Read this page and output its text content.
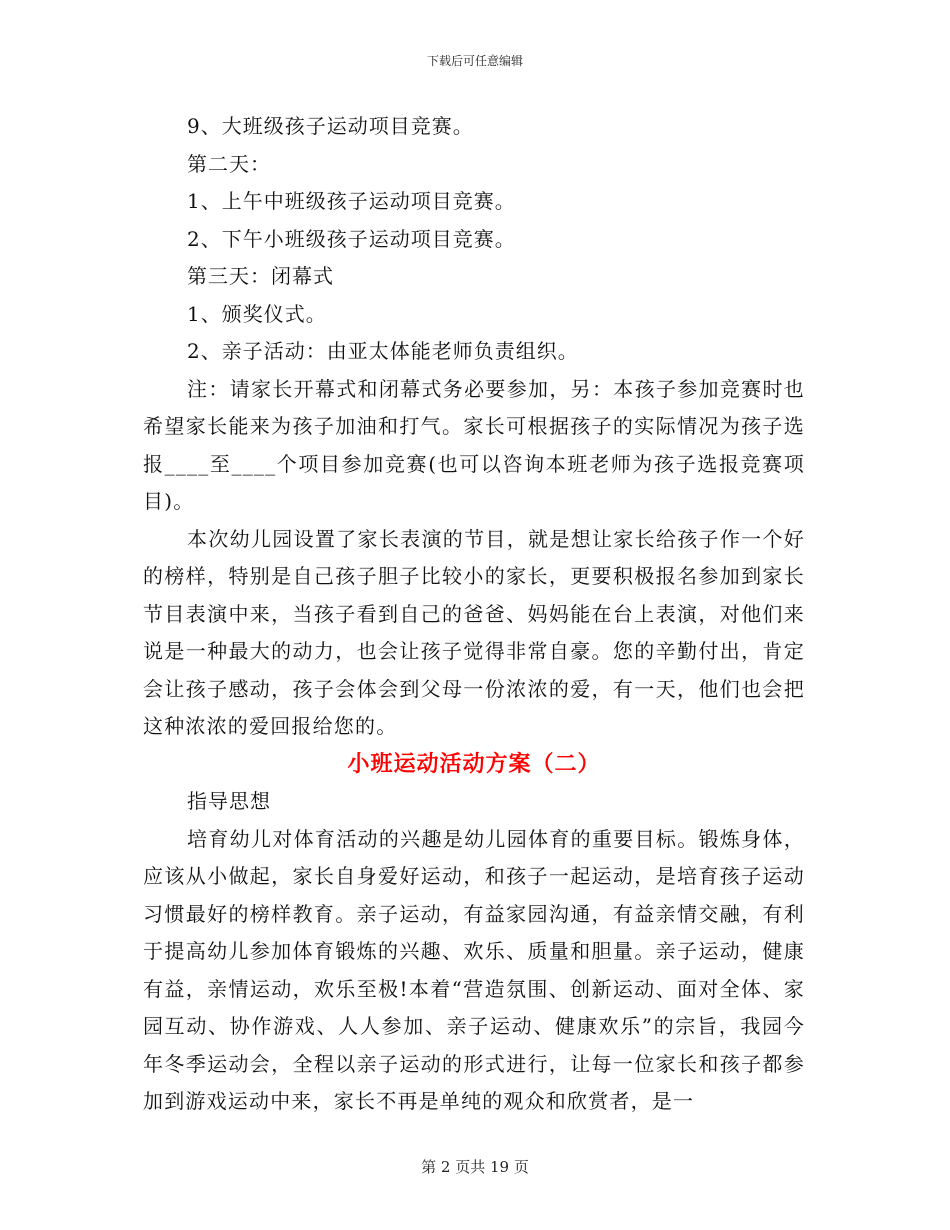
下载后可任意编辑
9、大班级孩子运动项目竞赛。
第二天：
1、上午中班级孩子运动项目竞赛。
2、下午小班级孩子运动项目竞赛。
第三天：闭幕式
1、颁奖仪式。
2、亲子活动：由亚太体能老师负责组织。
注：请家长开幕式和闭幕式务必要参加，另：本孩子参加竞赛时也希望家长能来为孩子加油和打气。家长可根据孩子的实际情况为孩子选报____至____个项目参加竞赛(也可以咨询本班老师为孩子选报竞赛项目)。
本次幼儿园设置了家长表演的节目，就是想让家长给孩子作一个好的榜样，特别是自己孩子胆子比较小的家长，更要积极报名参加到家长节目表演中来，当孩子看到自己的爸爸、妈妈能在台上表演，对他们来说是一种最大的动力，也会让孩子觉得非常自豪。您的辛勤付出，肯定会让孩子感动，孩子会体会到父母一份浓浓的爱，有一天，他们也会把这种浓浓的爱回报给您的。
小班运动活动方案（二）
指导思想
培育幼儿对体育活动的兴趣是幼儿园体育的重要目标。锻炼身体，应该从小做起，家长自身爱好运动，和孩子一起运动，是培育孩子运动习惯最好的榜样教育。亲子运动，有益家园沟通，有益亲情交融，有利于提高幼儿参加体育锻炼的兴趣、欢乐、质量和胆量。亲子运动，健康有益，亲情运动，欢乐至极!本着“营造氛围、创新运动、面对全体、家园互动、协作游戏、人人参加、亲子运动、健康欢乐”的宗旨，我园今年冬季运动会，全程以亲子运动的形式进行，让每一位家长和孩子都参加到游戏运动中来，家长不再是单纯的观众和欣赏者，是一
第 2 页共 19 页
